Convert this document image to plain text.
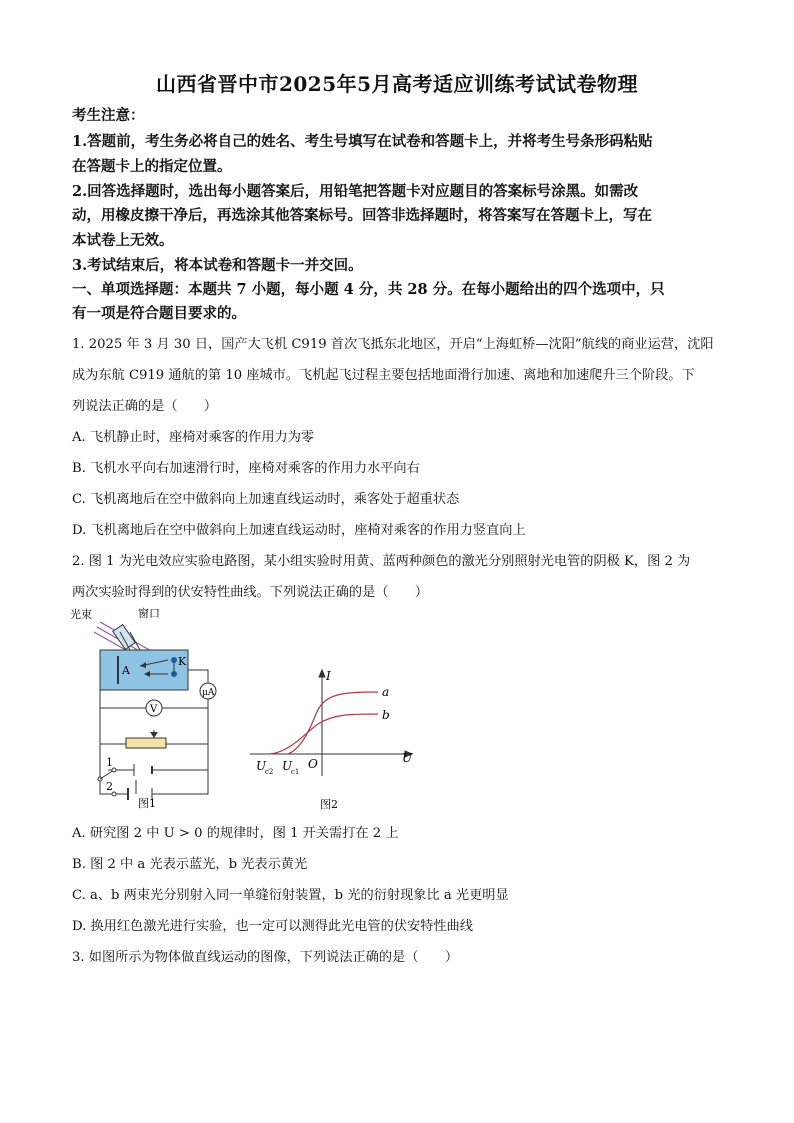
山西省晋中市2025年5月高考适应训练考试试卷物理
考生注意：
1.答题前，考生务必将自己的姓名、考生号填写在试卷和答题卡上，并将考生号条形码粘贴
在答题卡上的指定位置。
2.回答选择题时，选出每小题答案后，用铅笔把答题卡对应题目的答案标号涂黑。如需改
动，用橡皮擦干净后，再选涂其他答案标号。回答非选择题时，将答案写在答题卡上，写在
本试卷上无效。
3.考试结束后，将本试卷和答题卡一并交回。
一、单项选择题：本题共 7 小题，每小题 4 分，共 28 分。在每小题给出的四个选项中，只
有一项是符合题目要求的。
1. 2025 年 3 月 30 日，国产大飞机 C919 首次飞抵东北地区，开启“上海虹桥—沈阳”航线的商业运营，沈阳
成为东航 C919 通航的第 10 座城市。飞机起飞过程主要包括地面滑行加速、离地和加速爬升三个阶段。下
列说法正确的是（　　）
A. 飞机静止时，座椅对乘客的作用力为零
B. 飞机水平向右加速滑行时，座椅对乘客的作用力水平向右
C. 飞机离地后在空中做斜向上加速直线运动时，乘客处于超重状态
D. 飞机离地后在空中做斜向上加速直线运动时，座椅对乘客的作用力竖直向上
2. 图 1 为光电效应实验电路图，某小组实验时用黄、蓝两种颜色的激光分别照射光电管的阴极 K，图 2 为
两次实验时得到的伏安特性曲线。下列说法正确的是（　　）
光束	窗口
A
K
μA
V
1
2
图1
I
U
O
U
c2 U
c1
a
b
图2
A. 研究图 2 中 U > 0 的规律时，图 1 开关需打在 2 上
B. 图 2 中 a 光表示蓝光，b 光表示黄光
C. a、b 两束光分别射入同一单缝衍射装置，b 光的衍射现象比 a 光更明显
D. 换用红色激光进行实验，也一定可以测得此光电管的伏安特性曲线
3. 如图所示为物体做直线运动的图像，下列说法正确的是（　　）
